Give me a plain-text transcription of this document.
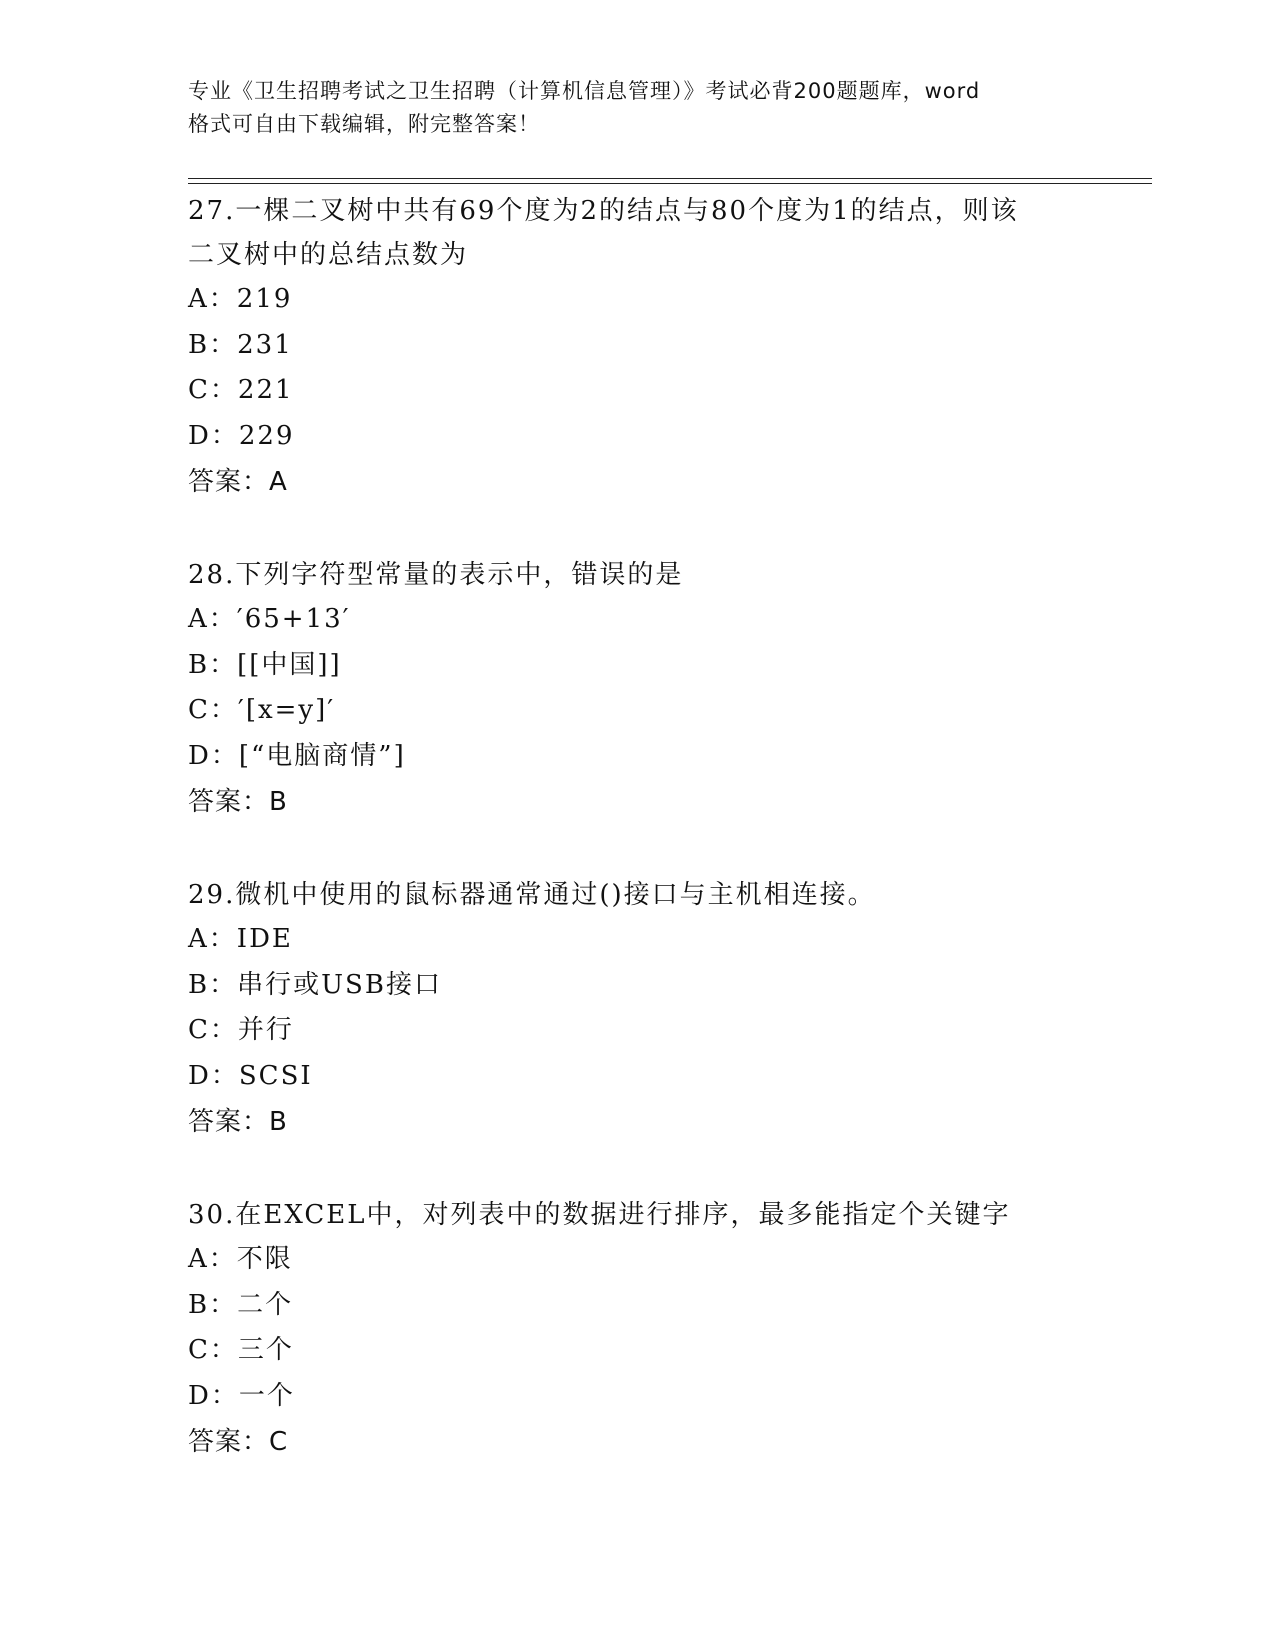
专业《卫生招聘考试之卫生招聘（计算机信息管理）》考试必背200题题库，word
格式可自由下载编辑，附完整答案！
27.一棵二叉树中共有69个度为2的结点与80个度为1的结点，则该
二叉树中的总结点数为
A：219
B：231
C：221
D：229
答案：A
28.下列字符型常量的表示中，错误的是
A：′65+13′
B：[[中国]]
C：′[x=y]′
D：[“电脑商情”]
答案：B
29.微机中使用的鼠标器通常通过()接口与主机相连接。
A：IDE
B：串行或USB接口
C：并行
D：SCSI
答案：B
30.在EXCEL中，对列表中的数据进行排序，最多能指定个关键字
A：不限
B：二个
C：三个
D：一个
答案：C
